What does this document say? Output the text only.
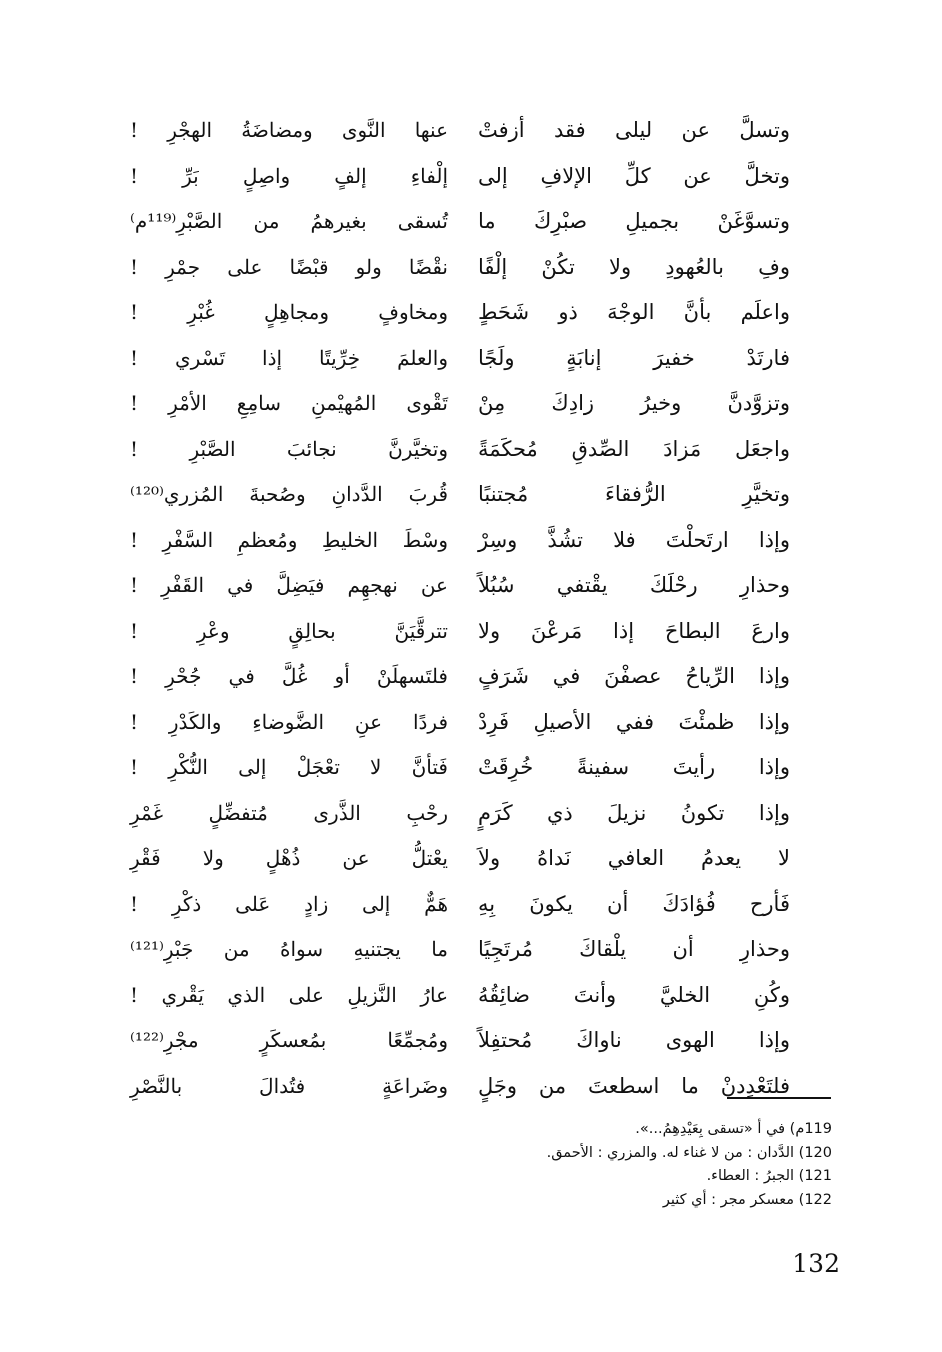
وتسلَّ عن ليلى فقد أزفتْ
وتخلَّ عن كلِّ الإلافِ إلى
وتسوَّغَنْ بجميلِ صبْرِكَ ما
وفِ بالعُهودِ ولا تكُنْ إلْفًا
واعلَم بأنَّ الوجْهَ ذو شَحَطٍ
فارتَدْ خفيرَ إنابَةٍ ولَجًا
وتزوَّدنَّ وخيرُ زادِكَ مِنْ
واجعَل مَزادَ الصِّدقِ مُحكَمَةً
وتخيَّرِ الرُّفقاءَ مُجتنبًا
وإذا ارتَحلْتَ فلا تشُذَّ وسِرْ
وحذارِ رحْلَكَ يقْتفي سُبُلاً
وارعَ البطاحَ إذا مَرعْنَ ولا
وإذا الرِّياحُ عصفْنَ في شَرَفٍ
وإذا ظمئْتَ ففي الأصيلِ فَرِدْ
وإذا رأيتَ سفينةً خُرِقَتْ
وإذا تكونُ نزيلَ ذي كَرَمٍ
لا يعدمُ العافي نَداهُ ولاَ
فَأرح فُؤادَكَ أن يكونَ بِهِ
وحذارِ أن يلْقاكَ مُرتَجِيًا
وكُنِ الخليَّ وأنتَ ضائِقُهُ
وإذا الهوى ناواكَ مُحتفِلاً
فلتَعْدِدنْ ما اسطعتَ من وجَلٍ
عنها النَّوى ومضاضَةُ الهجْرِ !
إلْفاءِ إلفٍ واصِلٍ بَرِّ !
تُسقى بغيرهمُ من الصَّبْرِ⁽¹¹⁹م⁾
نقْضًا ولو قبْضًا على جمْرِ !
ومخاوفٍ ومجاهِلٍ غُبْرِ !
والعلمَ خِرِّيتًا إذا تَسْري !
تَقْوى المُهيْمنِ سامِعِ الأمْرِ !
وتخيَّرنَّ نجائبَ الصَّبْرِ !
قُربَ الدَّدانِ وصُحبةَ المُزري⁽¹²⁰⁾
وسْطَ الخليطِ ومُعظمِ السَّفْرِ !
عن نهجهِم فيَضِلَّ في القَفْرِ !
تترقَّيَنَّ بحالِقٍ وعْرِ !
فلتَسهلَنْ أو غُلَّ في جُحْرِ !
فردًا عنِ الضَّوضاءِ والكَدْرِ !
فَتأنَّ لا تعْجَلْ إلى النُّكْرِ !
رحْبِ الذَّرى مُتفضِّلٍ غَمْرِ
يعْتلُّ عن ذُهْلٍ ولا فَقْرِ
هَمٌّ إلى زادٍ عَلى ذكْرِ !
ما يجتنيهِ سواهُ من جَبْرِ⁽¹²¹⁾
عارُ النَّزيلِ على الذي يَقْري !
ومُجمِّعًا بمُعسكَرٍ مجْرِ⁽¹²²⁾
وضَراعَةٍ فتُدالَ بالنَّصْرِ
119م) في أ «تسقى بِعَيْدِهِمُ...».
120) الدَّدان : من لا غناء له. والمزري : الأحمق.
121) الجبرُ : العطاء.
122) معسكر مجر : أي كثير
132
